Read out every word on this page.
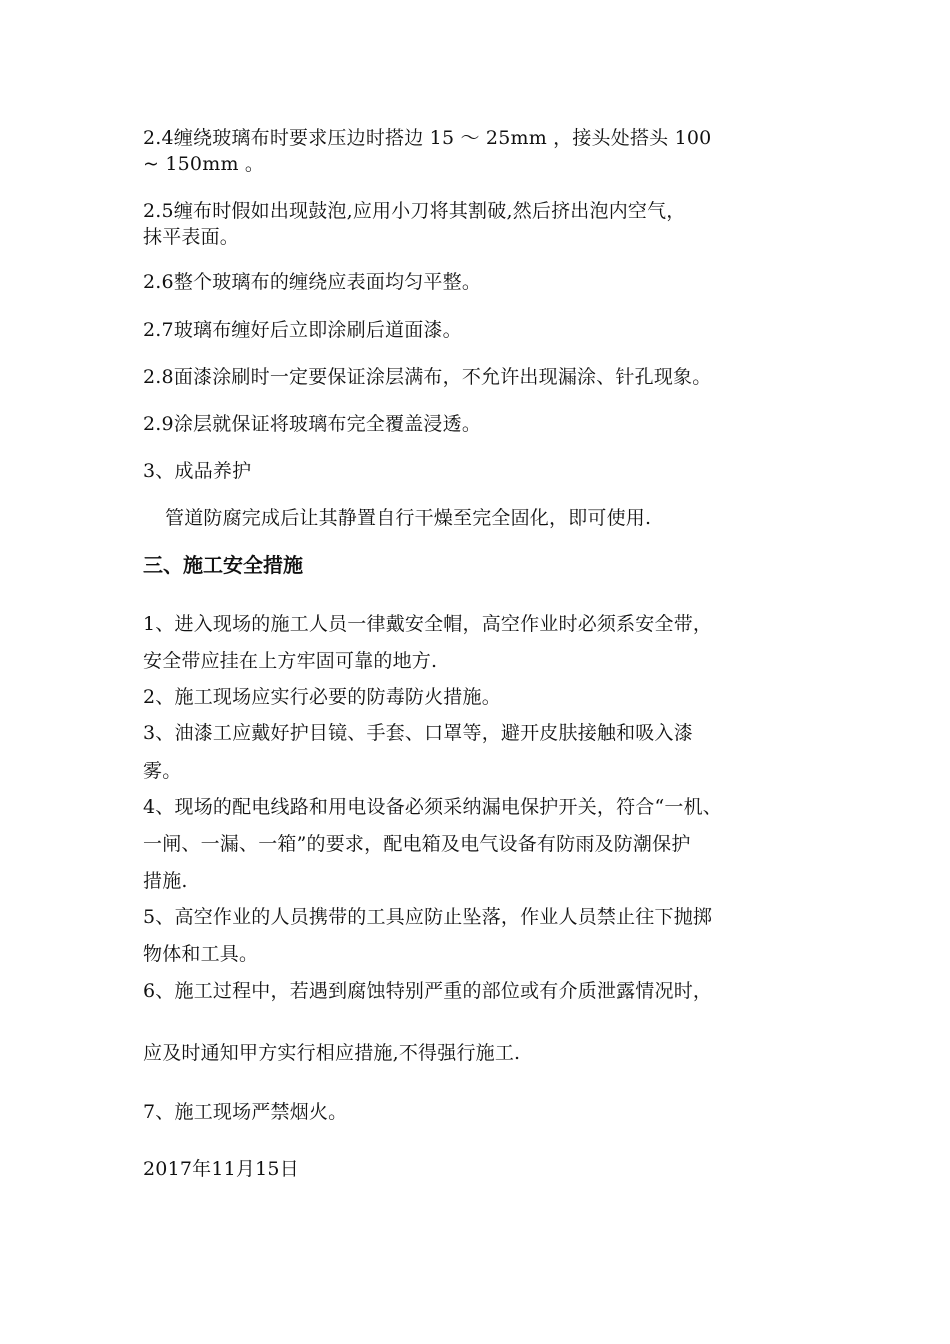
2.4缠绕玻璃布时要求压边时搭边 15 ～ 25mm ，接头处搭头 100
~ 150mm 。
2.5缠布时假如出现鼓泡,应用小刀将其割破,然后挤出泡内空气，
抹平表面。
2.6整个玻璃布的缠绕应表面均匀平整。
2.7玻璃布缠好后立即涂刷后道面漆。
2.8面漆涂刷时一定要保证涂层满布，不允许出现漏涂、针孔现象。
2.9涂层就保证将玻璃布完全覆盖浸透。
3、成品养护
管道防腐完成后让其静置自行干燥至完全固化，即可使用.
三、施工安全措施
1、进入现场的施工人员一律戴安全帽，高空作业时必须系安全带，
安全带应挂在上方牢固可靠的地方.
2、施工现场应实行必要的防毒防火措施。
3、油漆工应戴好护目镜、手套、口罩等，避开皮肤接触和吸入漆
雾。
4、现场的配电线路和用电设备必须采纳漏电保护开关，符合“一机、
一闸、一漏、一箱”的要求，配电箱及电气设备有防雨及防潮保护
措施.
5、高空作业的人员携带的工具应防止坠落，作业人员禁止往下抛掷
物体和工具。
6、施工过程中，若遇到腐蚀特别严重的部位或有介质泄露情况时，
应及时通知甲方实行相应措施,不得强行施工.
7、施工现场严禁烟火。
2017年11月15日
